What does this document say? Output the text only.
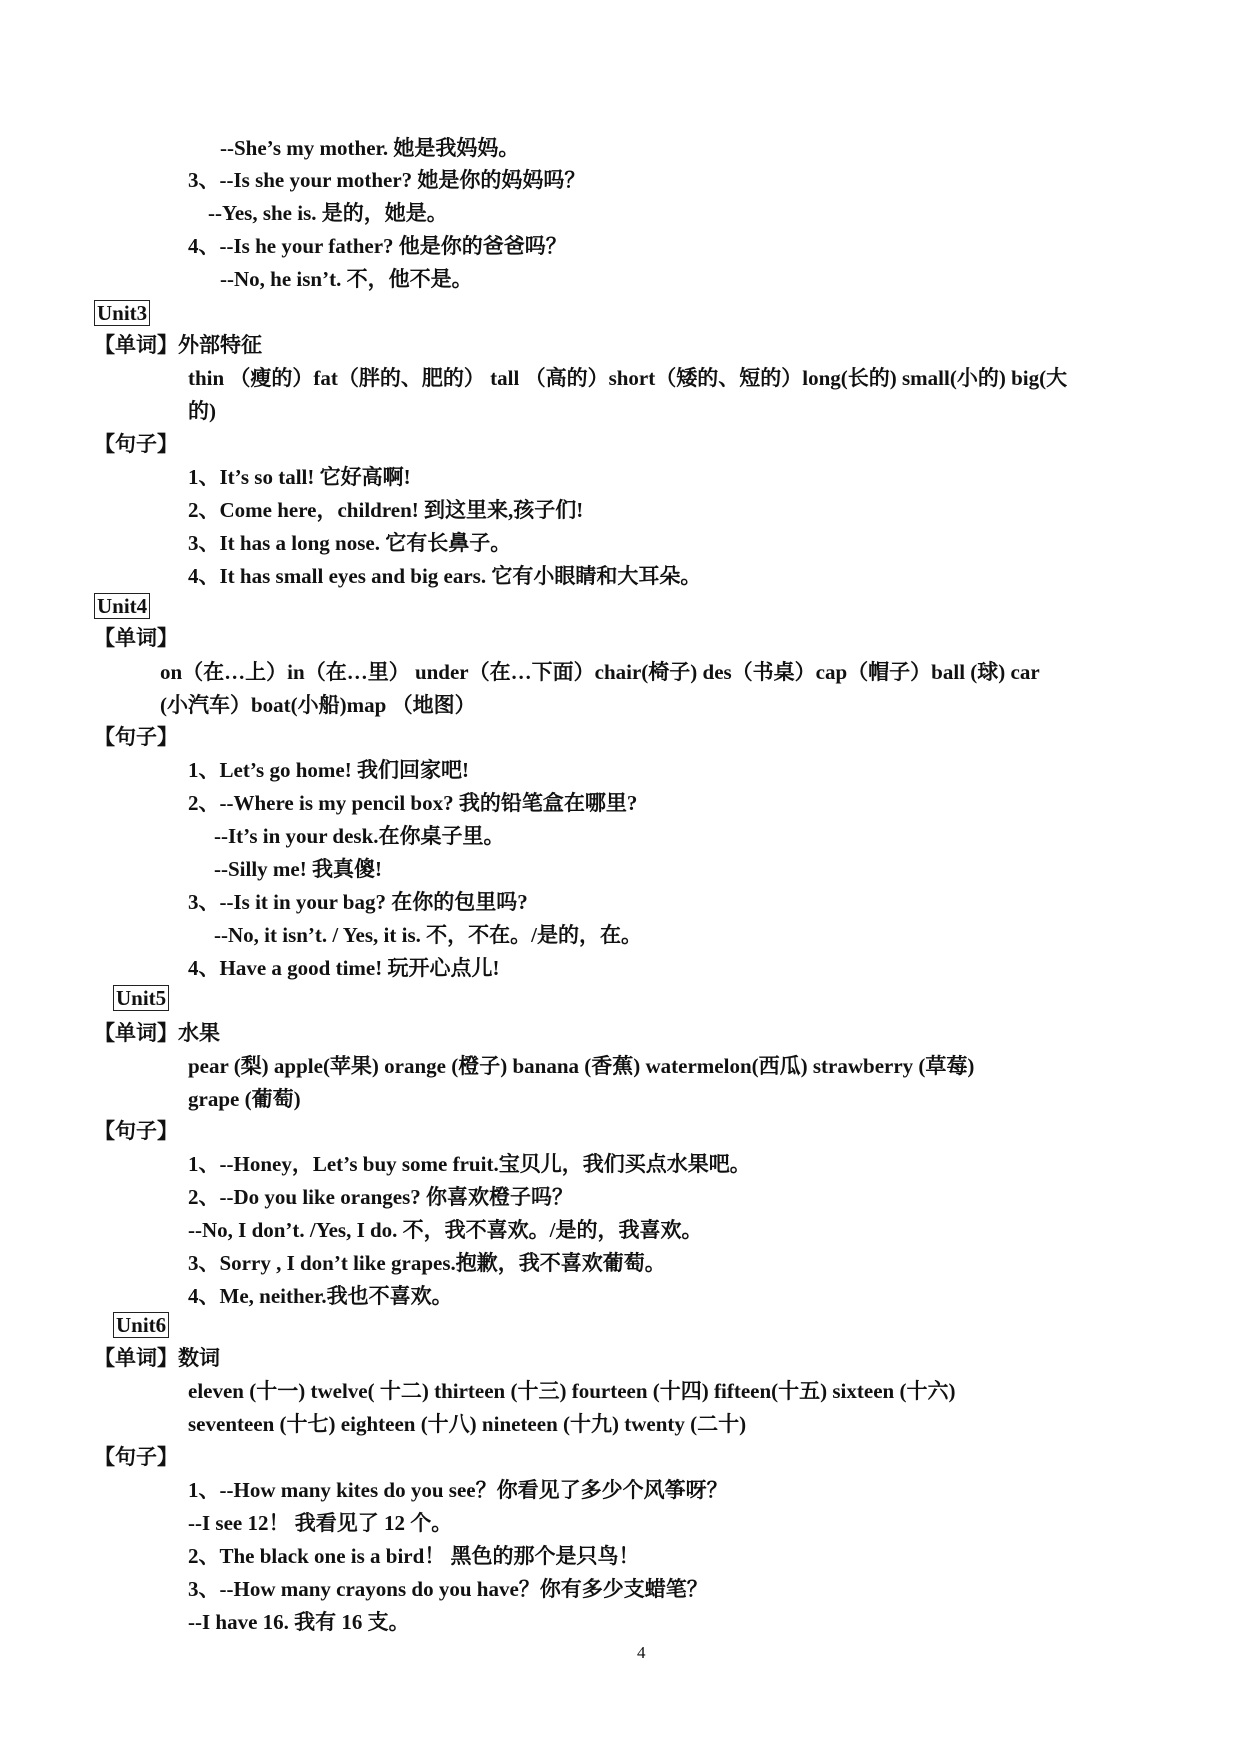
--She’s my mother. 她是我妈妈。
3、--Is she your mother? 她是你的妈妈吗？
--Yes, she is. 是的，她是。
4、--Is he your father? 他是你的爸爸吗？
--No, he isn’t. 不，他不是。
Unit3
【单词】外部特征
thin （瘦的）fat（胖的、肥的） tall （高的）short（矮的、短的）long(长的) small(小的) big(大
的)
【句子】
1、It’s so tall! 它好高啊!
2、Come here，children! 到这里来,孩子们!
3、It has a long nose. 它有长鼻子。
4、It has small eyes and big ears. 它有小眼睛和大耳朵。
Unit4
【单词】
on（在…上）in（在…里） under（在…下面）chair(椅子) des（书桌）cap（帽子）ball (球) car
(小汽车）boat(小船)map （地图）
【句子】
1、Let’s go home! 我们回家吧!
2、--Where is my pencil box? 我的铅笔盒在哪里?
--It’s in your desk.在你桌子里。
--Silly me! 我真傻!
3、--Is it in your bag? 在你的包里吗?
--No, it isn’t. / Yes, it is. 不，不在。/是的，在。
4、Have a good time! 玩开心点儿!
Unit5
【单词】水果
pear (梨) apple(苹果) orange (橙子) banana (香蕉) watermelon(西瓜) strawberry (草莓)
grape (葡萄)
【句子】
1、--Honey，Let’s buy some fruit.宝贝儿，我们买点水果吧。
2、--Do you like oranges? 你喜欢橙子吗？
--No, I don’t. /Yes, I do. 不，我不喜欢。/是的，我喜欢。
3、Sorry , I don’t like grapes.抱歉，我不喜欢葡萄。
4、Me, neither.我也不喜欢。
Unit6
【单词】数词
eleven (十一) twelve( 十二) thirteen (十三) fourteen (十四) fifteen(十五) sixteen (十六)
seventeen (十七) eighteen (十八) nineteen (十九) twenty (二十)
【句子】
1、--How many kites do you see？你看见了多少个风筝呀？
--I see 12！ 我看见了 12 个。
2、The black one is a bird！ 黑色的那个是只鸟！
3、--How many crayons do you have？你有多少支蜡笔？
--I have 16. 我有 16 支。
4
